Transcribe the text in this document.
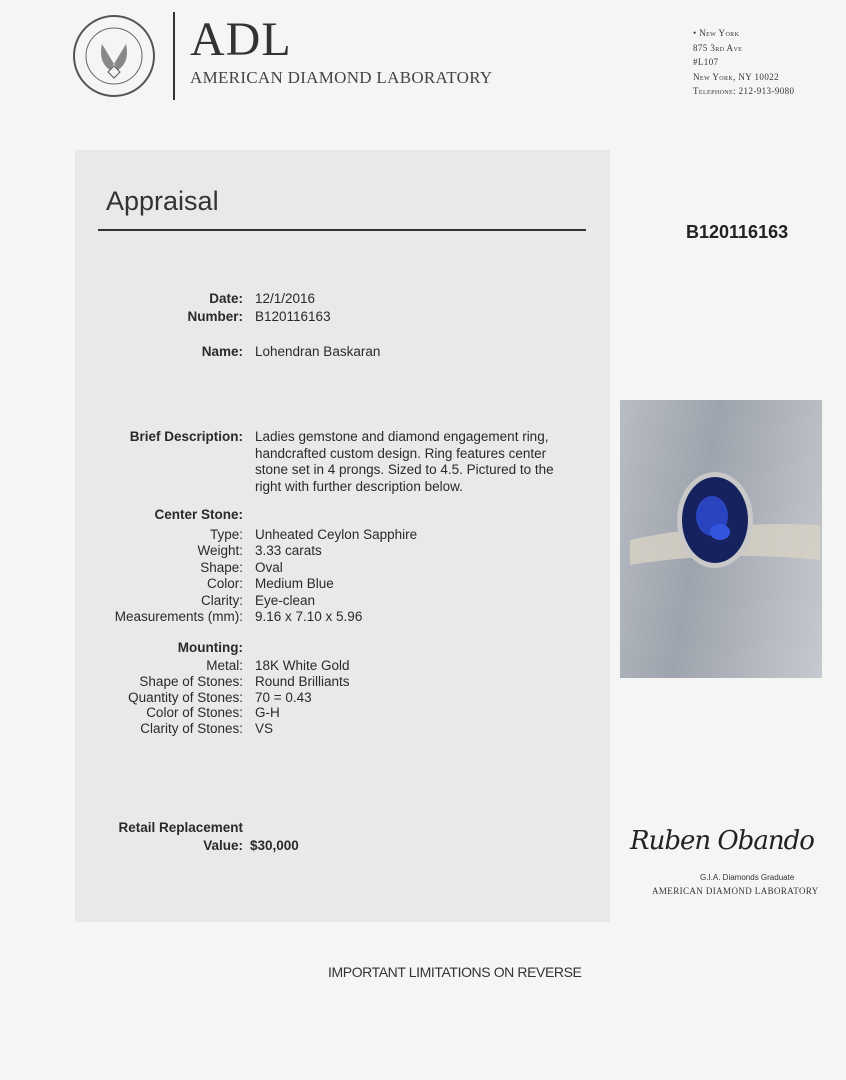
ADL
AMERICAN DIAMOND LABORATORY
• New York
875 3rd Ave
#L107
New York, NY 10022
Telephone: 212-913-9080
Appraisal
B120116163
Date: 12/1/2016
Number: B120116163
Name: Lohendran Baskaran
Brief Description: Ladies gemstone and diamond engagement ring, handcrafted custom design. Ring features center stone set in 4 prongs. Sized to 4.5. Pictured to the right with further description below.
Center Stone:
Type: Unheated Ceylon Sapphire
Weight: 3.33 carats
Shape: Oval
Color: Medium Blue
Clarity: Eye-clean
Measurements (mm): 9.16 x 7.10 x 5.96
Mounting:
Metal: 18K White Gold
Shape of Stones: Round Brilliants
Quantity of Stones: 70 = 0.43
Color of Stones: G-H
Clarity of Stones: VS
Retail Replacement
Value: $30,000	Ruben Obando
G.I.A. Diamonds Graduate
AMERICAN DIAMOND LABORATORY
IMPORTANT LIMITATIONS ON REVERSE
